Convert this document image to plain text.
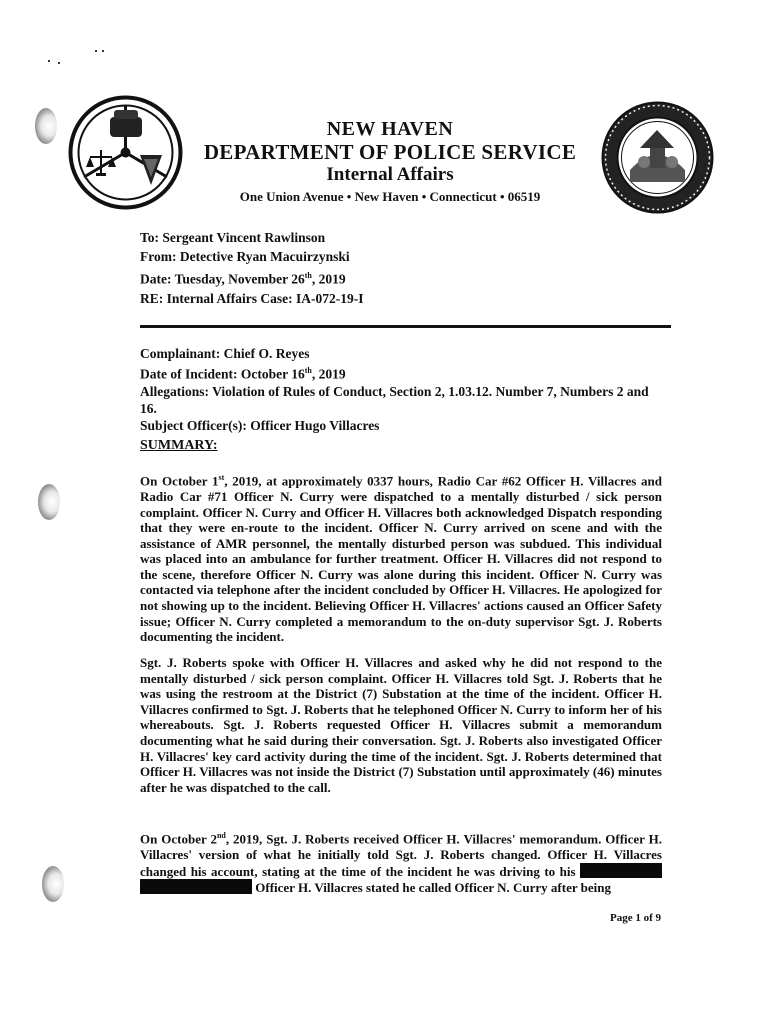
NEW HAVEN
DEPARTMENT OF POLICE SERVICE
Internal Affairs
One Union Avenue • New Haven • Connecticut • 06519
To: Sergeant Vincent Rawlinson
From: Detective Ryan Macuirzynski
Date: Tuesday, November 26th, 2019
RE: Internal Affairs Case: IA-072-19-I
Complainant: Chief O. Reyes
Date of Incident: October 16th, 2019
Allegations: Violation of Rules of Conduct, Section 2, 1.03.12. Number 7, Numbers 2 and 16.
Subject Officer(s): Officer Hugo Villacres
SUMMARY:
On October 1st, 2019, at approximately 0337 hours, Radio Car #62 Officer H. Villacres and Radio Car #71 Officer N. Curry were dispatched to a mentally disturbed / sick person complaint. Officer N. Curry and Officer H. Villacres both acknowledged Dispatch responding that they were en-route to the incident. Officer N. Curry arrived on scene and with the assistance of AMR personnel, the mentally disturbed person was subdued. This individual was placed into an ambulance for further treatment. Officer H. Villacres did not respond to the scene, therefore Officer N. Curry was alone during this incident. Officer N. Curry was contacted via telephone after the incident concluded by Officer H. Villacres. He apologized for not showing up to the incident. Believing Officer H. Villacres' actions caused an Officer Safety issue; Officer N. Curry completed a memorandum to the on-duty supervisor Sgt. J. Roberts documenting the incident.
Sgt. J. Roberts spoke with Officer H. Villacres and asked why he did not respond to the mentally disturbed / sick person complaint. Officer H. Villacres told Sgt. J. Roberts that he was using the restroom at the District (7) Substation at the time of the incident. Officer H. Villacres confirmed to Sgt. J. Roberts that he telephoned Officer N. Curry to inform her of his whereabouts. Sgt. J. Roberts requested Officer H. Villacres submit a memorandum documenting what he said during their conversation. Sgt. J. Roberts also investigated Officer H. Villacres' key card activity during the time of the incident. Sgt. J. Roberts determined that Officer H. Villacres was not inside the District (7) Substation until approximately (46) minutes after he was dispatched to the call.
On October 2nd, 2019, Sgt. J. Roberts received Officer H. Villacres' memorandum. Officer H. Villacres' version of what he initially told Sgt. J. Roberts changed. Officer H. Villacres changed his account, stating at the time of the incident he was driving to his   Officer H. Villacres stated he called Officer N. Curry after being
Page 1 of 9
